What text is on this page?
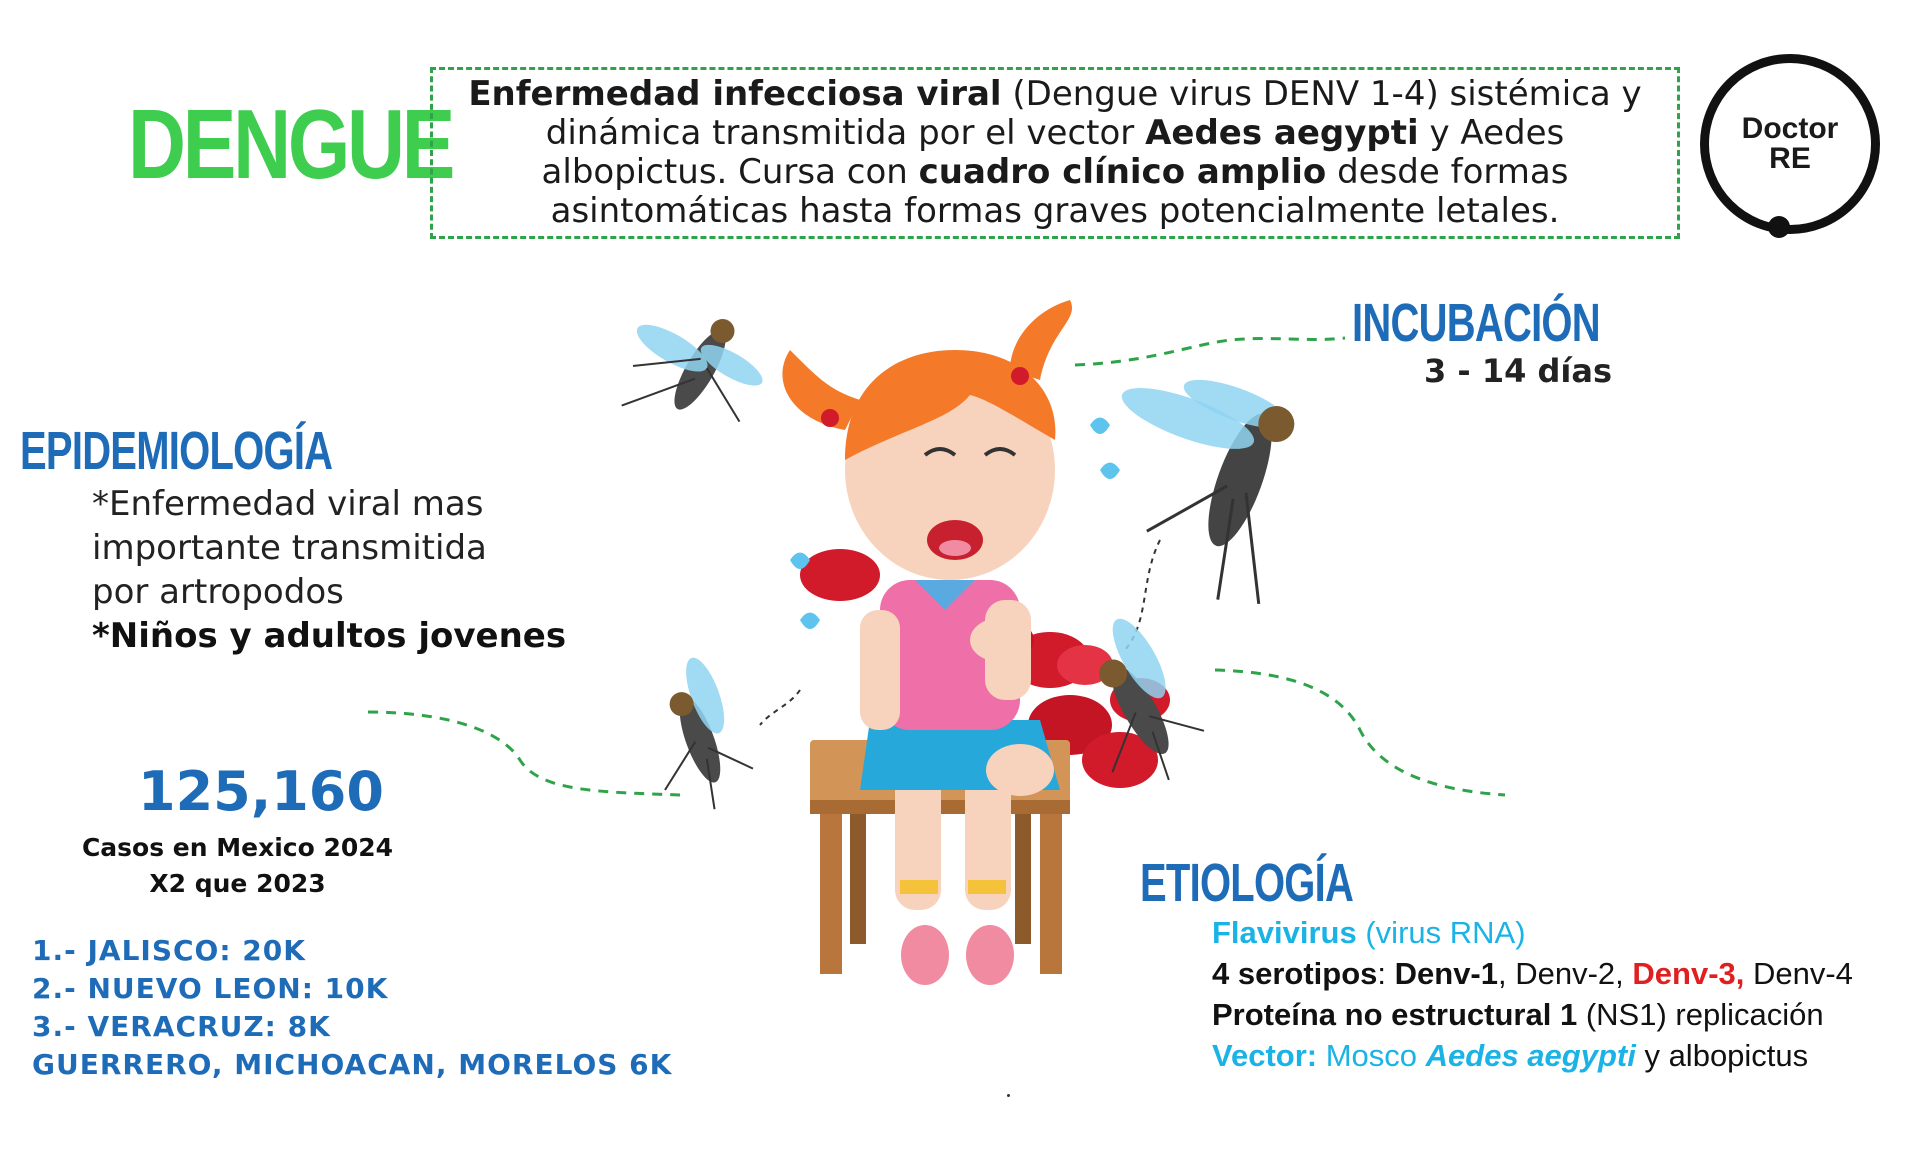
DENGUE Enfermedad infecciosa viral (Dengue virus DENV 1-4) sistémica y dinámica transmitida por el vector Aedes aegypti y Aedes albopictus. Cursa con cuadro clínico amplio desde formas asintomáticas hasta formas graves potencialmente letales.

Doctor
RE
EPIDEMIOLOGÍA
*Enfermedad viral mas
importante transmitida
por artropodos
*Niños y adultos jovenes
125,160
Casos en Mexico 2024
X2 que 2023
1.- JALISCO: 20K
2.- NUEVO LEON: 10K
3.- VERACRUZ: 8K
GUERRERO, MICHOACAN, MORELOS 6K
INCUBACIÓN
3 - 14 días
ETIOLOGÍA
Flavivirus (virus RNA)
4 serotipos: Denv-1, Denv-2, Denv-3, Denv-4
Proteína no estructural 1 (NS1) replicación
Vector: Mosco Aedes aegypti y albopictus
